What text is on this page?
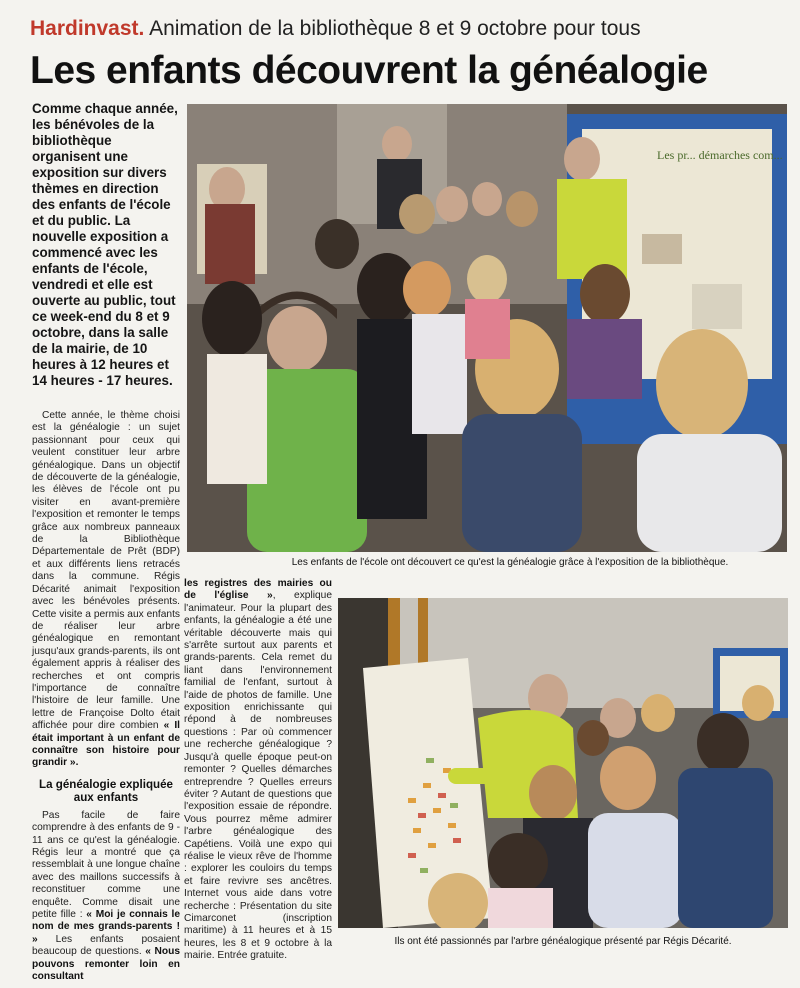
Hardinvast. Animation de la bibliothèque 8 et 9 octobre pour tous
Les enfants découvrent la généalogie
Comme chaque année, les bénévoles de la bibliothèque organisent une exposition sur divers thèmes en direction des enfants de l'école et du public. La nouvelle exposition a commencé avec les enfants de l'école, vendredi et elle est ouverte au public, tout ce week-end du 8 et 9 octobre, dans la salle de la mairie, de 10 heures à 12 heures et 14 heures - 17 heures.
Les pr... démarches com...
Les enfants de l'école ont découvert ce qu'est la généalogie grâce à l'exposition de la bibliothèque.
Ils ont été passionnés par l'arbre généalogique présenté par Régis Décarité.

Cette année, le thème choisi est la généalogie : un sujet passionnant pour ceux qui veulent constituer leur arbre généalogique. Dans un objectif de découverte de la généalogie, les élèves de l'école ont pu visiter en avant-première l'exposition et remonter le temps grâce aux nombreux panneaux de la Bibliothèque Départementale de Prêt (BDP) et aux différents liens retracés dans la commune. Régis Décarité animait l'exposition avec les bénévoles présents. Cette visite a permis aux enfants de réaliser leur arbre généalogique en remontant jusqu'aux grands-parents, ils ont également appris à réaliser des recherches et ont compris l'importance de connaître l'histoire de leur famille. Une lettre de Françoise Dolto était affichée pour dire combien « Il était important à un enfant de connaître son histoire pour grandir ».

La généalogie expliquée aux enfants

Pas facile de faire comprendre à des enfants de 9 - 11 ans ce qu'est la généalogie. Régis leur a montré que ça ressemblait à une longue chaîne avec des maillons successifs à reconstituer comme une enquête. Comme disait une petite fille : « Moi je connais le nom de mes grands-parents ! » Les enfants posaient beaucoup de questions. « Nous pouvons remonter loin en consultant

les registres des mairies ou de l'église », explique l'animateur. Pour la plupart des enfants, la généalogie a été une véritable découverte mais qui s'arrête surtout aux parents et grands-parents. Cela remet du liant dans l'environnement familial de l'enfant, surtout à l'aide de photos de famille. Une exposition enrichissante qui répond à de nombreuses questions : Par où commencer une recherche généalogique ? Jusqu'à quelle époque peut-on remonter ? Quelles démarches entreprendre ? Quelles erreurs éviter ? Autant de questions que l'exposition essaie de répondre. Vous pourrez même admirer l'arbre généalogique des Capétiens. Voilà une expo qui réalise le vieux rêve de l'homme : explorer les couloirs du temps et faire revivre ses ancêtres. Internet vous aide dans votre recherche : Présentation du site Cimarconet (inscription maritime) à 11 heures et à 15 heures, les 8 et 9 octobre à la mairie. Entrée gratuite.
